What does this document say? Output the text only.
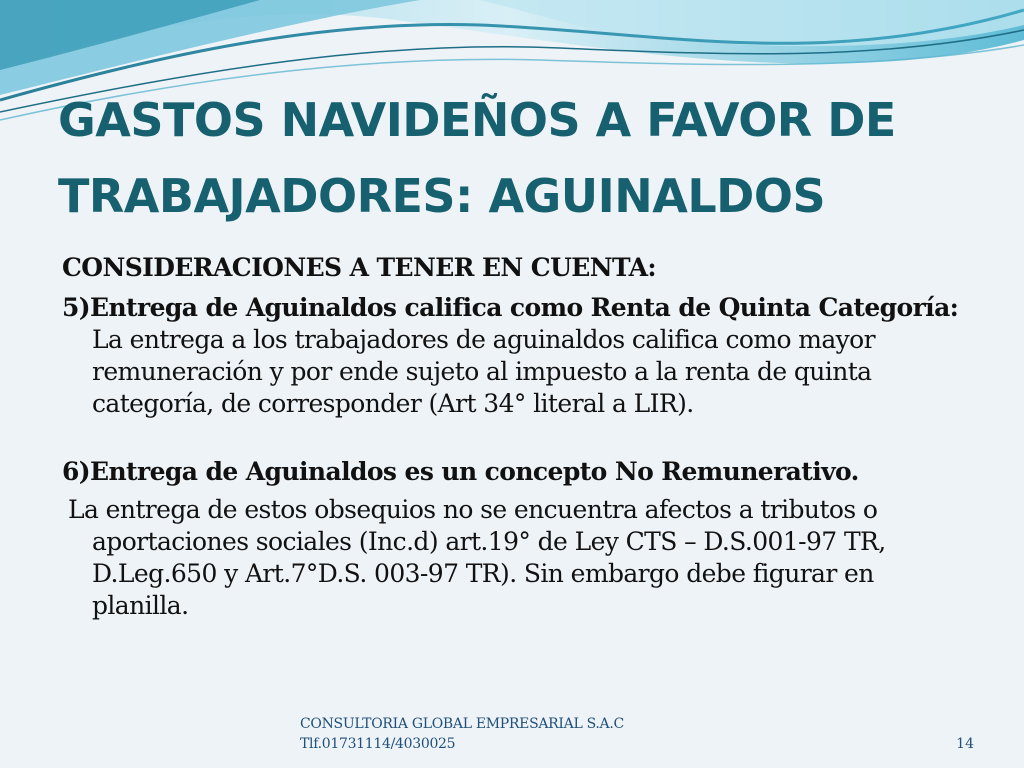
GASTOS NAVIDEÑOS A FAVOR DE
TRABAJADORES: AGUINALDOS

CONSIDERACIONES A TENER EN CUENTA:

5)Entrega de Aguinaldos califica como Renta de Quinta Categoría:

La entrega a los trabajadores de aguinaldos califica como mayor remuneración y por ende sujeto al impuesto a la renta de quinta categoría, de corresponder (Art 34° literal a LIR).

6)Entrega de Aguinaldos es un concepto No Remunerativo.

La entrega de estos obsequios no se encuentra afectos a tributos o aportaciones sociales (Inc.d) art.19° de Ley CTS – D.S.001-97 TR, D.Leg.650 y Art.7°D.S. 003-97 TR). Sin embargo debe figurar en planilla.

CONSULTORIA GLOBAL EMPRESARIAL S.A.C
Tlf.01731114/4030025	14
